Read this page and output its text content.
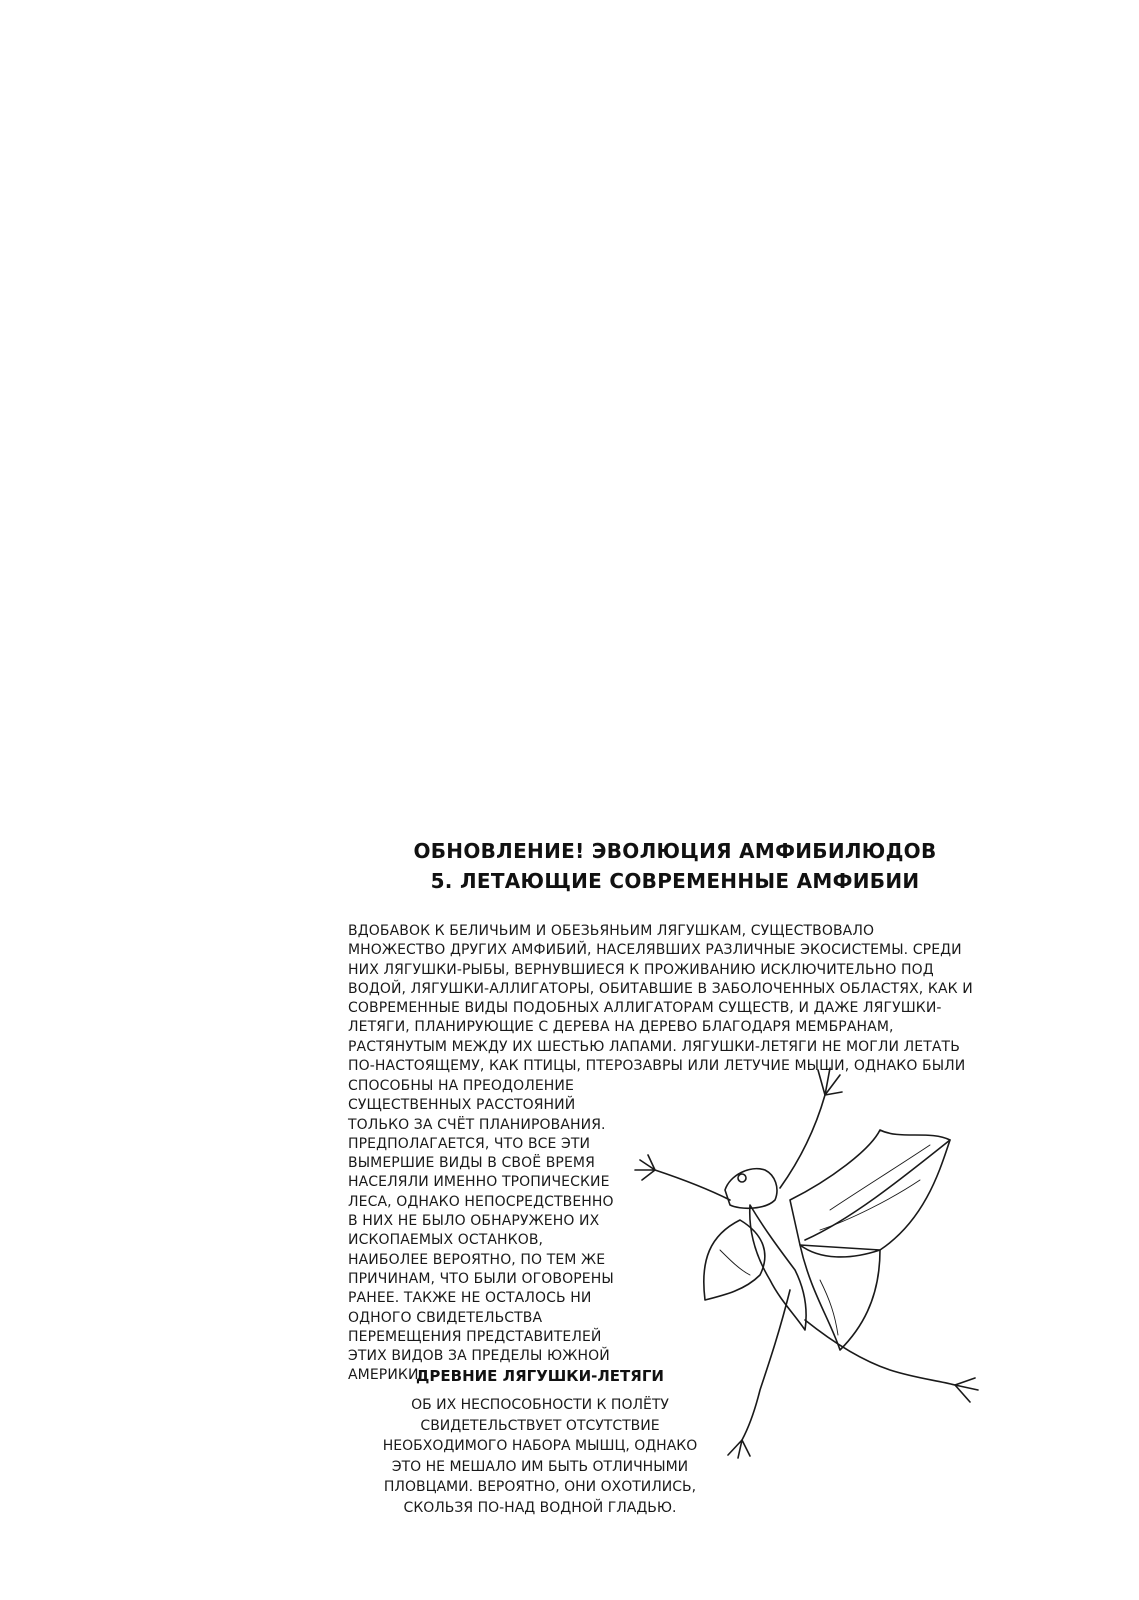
ОБНОВЛЕНИЕ! ЭВОЛЮЦИЯ АМФИБИЛЮДОВ
5. ЛЕТАЮЩИЕ СОВРЕМЕННЫЕ АМФИБИИ

ВДОБАВОК К БЕЛИЧЬИМ И ОБЕЗЬЯНЬИМ ЛЯГУШКАМ, СУЩЕСТВОВАЛО
МНОЖЕСТВО ДРУГИХ АМФИБИЙ, НАСЕЛЯВШИХ РАЗЛИЧНЫЕ ЭКОСИСТЕМЫ. СРЕДИ
НИХ ЛЯГУШКИ-РЫБЫ, ВЕРНУВШИЕСЯ К ПРОЖИВАНИЮ ИСКЛЮЧИТЕЛЬНО ПОД
ВОДОЙ, ЛЯГУШКИ-АЛЛИГАТОРЫ, ОБИТАВШИЕ В ЗАБОЛОЧЕННЫХ ОБЛАСТЯХ, КАК И
СОВРЕМЕННЫЕ ВИДЫ ПОДОБНЫХ АЛЛИГАТОРАМ СУЩЕСТВ, И ДАЖЕ ЛЯГУШКИ-
ЛЕТЯГИ, ПЛАНИРУЮЩИЕ С ДЕРЕВА НА ДЕРЕВО БЛАГОДАРЯ МЕМБРАНАМ,
РАСТЯНУТЫМ МЕЖДУ ИХ ШЕСТЬЮ ЛАПАМИ. ЛЯГУШКИ-ЛЕТЯГИ НЕ МОГЛИ ЛЕТАТЬ
ПО-НАСТОЯЩЕМУ, КАК ПТИЦЫ, ПТЕРОЗАВРЫ ИЛИ ЛЕТУЧИЕ МЫШИ, ОДНАКО БЫЛИ

СПОСОБНЫ НА ПРЕОДОЛЕНИЕ
СУЩЕСТВЕННЫХ РАССТОЯНИЙ
ТОЛЬКО ЗА СЧЁТ ПЛАНИРОВАНИЯ.
ПРЕДПОЛАГАЕТСЯ, ЧТО ВСЕ ЭТИ
ВЫМЕРШИЕ ВИДЫ В СВОЁ ВРЕМЯ
НАСЕЛЯЛИ ИМЕННО ТРОПИЧЕСКИЕ
ЛЕСА, ОДНАКО НЕПОСРЕДСТВЕННО
В НИХ НЕ БЫЛО ОБНАРУЖЕНО ИХ
ИСКОПАЕМЫХ ОСТАНКОВ,
НАИБОЛЕЕ ВЕРОЯТНО, ПО ТЕМ ЖЕ
ПРИЧИНАМ, ЧТО БЫЛИ ОГОВОРЕНЫ
РАНЕЕ. ТАКЖЕ НЕ ОСТАЛОСЬ НИ
ОДНОГО СВИДЕТЕЛЬСТВА
ПЕРЕМЕЩЕНИЯ ПРЕДСТАВИТЕЛЕЙ
ЭТИХ ВИДОВ ЗА ПРЕДЕЛЫ ЮЖНОЙ
АМЕРИКИ.

ДРЕВНИЕ ЛЯГУШКИ-ЛЕТЯГИ
ОБ ИХ НЕСПОСОБНОСТИ К ПОЛЁТУ
СВИДЕТЕЛЬСТВУЕТ ОТСУТСТВИЕ
НЕОБХОДИМОГО НАБОРА МЫШЦ, ОДНАКО
ЭТО НЕ МЕШАЛО ИМ БЫТЬ ОТЛИЧНЫМИ
ПЛОВЦАМИ. ВЕРОЯТНО, ОНИ ОХОТИЛИСЬ,
СКОЛЬЗЯ ПО-НАД ВОДНОЙ ГЛАДЬЮ.
